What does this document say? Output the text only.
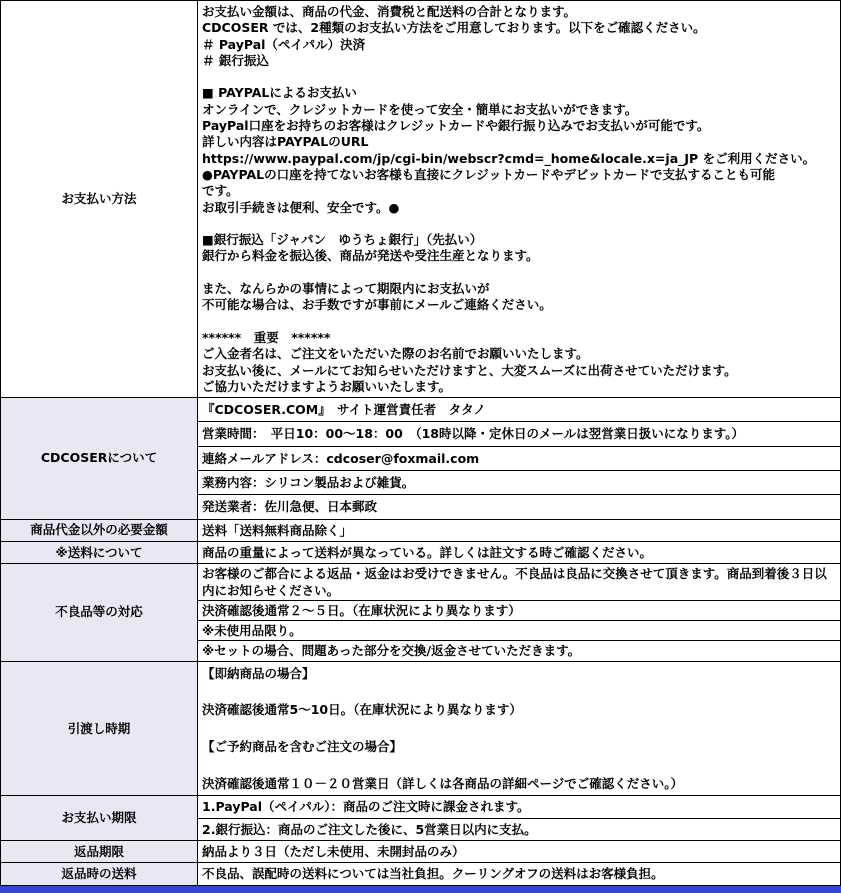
お支払い方法
お支払い金額は、商品の代金、消費税と配送料の合計となります。
CDCOSER では、2種類のお支払い方法をご用意しております。以下をご確認ください。
＃ PayPal（ペイパル）決済
＃ 銀行振込
■ PAYPALによるお支払い
オンラインで、クレジットカードを使って安全・簡単にお支払いができます。
PayPal口座をお持ちのお客様はクレジットカードや銀行振り込みでお支払いが可能です。
詳しい内容はPAYPALのURL
https://www.paypal.com/jp/cgi-bin/webscr?cmd=_home&locale.x=ja_JP をご利用ください。
●PAYPALの口座を持てないお客様も直接にクレジットカードやデビットカードで支払することも可能
です。
お取引手続きは便利、安全です。●
■銀行振込「ジャパン　ゆうちょ銀行」（先払い）
銀行から料金を振込後、商品が発送や受注生産となります。
また、なんらかの事情によって期限内にお支払いが
不可能な場合は、お手数ですが事前にメールご連絡ください。
******　重要　******
ご入金者名は、ご注文をいただいた際のお名前でお願いいたします。
お支払い後に、メールにてお知らせいただけますと、大変スムーズに出荷させていただけます。
ご協力いただけますようお願いいたします。
CDCOSERについて
『CDCOSER.COM』　サイト運営責任者　タタノ
営業時間：　平日10：00～18：00　（18時以降・定休日のメールは翌営業日扱いになります。）
連絡メールアドレス：cdcoser@foxmail.com
業務内容：シリコン製品および雑貨。
発送業者：佐川急便、日本郵政
商品代金以外の必要金額	送料「送料無料商品除く」
※送料について	商品の重量によって送料が異なっている。詳しくは註文する時ご確認ください。
不良品等の対応
お客様のご都合による返品・返金はお受けできません。不良品は良品に交換させて頂きます。商品到着後３日以内にお知らせください。
決済確認後通常２～５日。（在庫状況により異なります）
※未使用品限り。
※セットの場合、問題あった部分を交換/返金させていただきます。
引渡し時期
【即納商品の場合】
決済確認後通常5～10日。（在庫状況により異なります）
【ご予約商品を含むご注文の場合】
決済確認後通常１０－２０営業日（詳しくは各商品の詳細ページでご確認ください。）
お支払い期限
1.PayPal（ペイパル）：商品のご注文時に課金されます。
2.銀行振込：商品のご注文した後に、5営業日以内に支払。
返品期限	納品より３日（ただし未使用、未開封品のみ）
返品時の送料	不良品、誤配時の送料については当社負担。クーリングオフの送料はお客様負担。
